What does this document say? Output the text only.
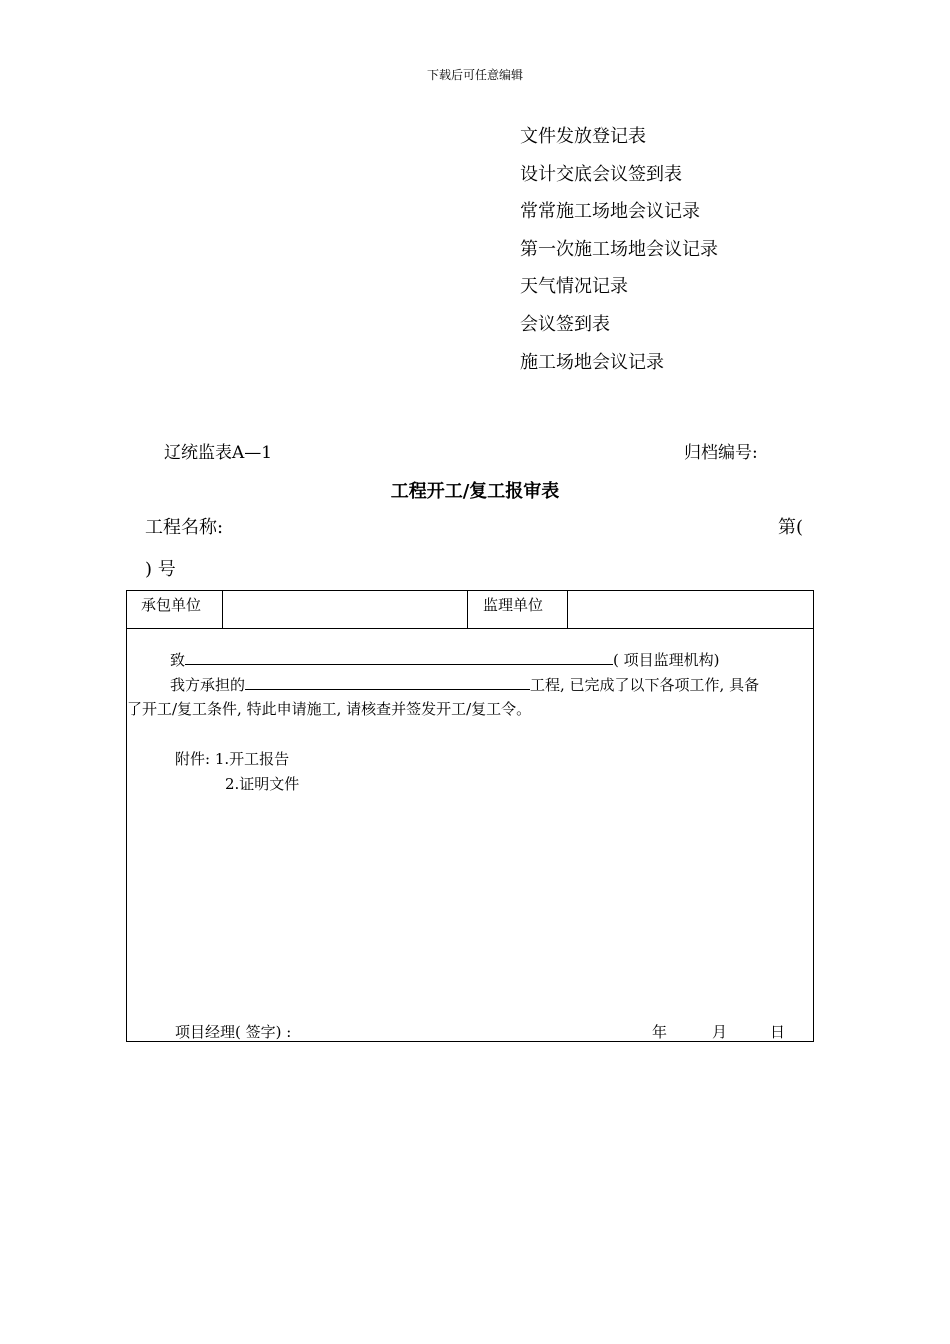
下载后可任意编辑
文件发放登记表
设计交底会议签到表
常常施工场地会议记录
第一次施工场地会议记录
天气情况记录
会议签到表
施工场地会议记录
辽统监表A—1	归档编号:
工程开工/复工报审表
工程名称:	第(
) 号
承包单位	监理单位
致	( 项目监理机构)
我方承担的	工程, 已完成了以下各项工作, 具备
了开工/复工条件, 特此申请施工, 请核查并签发开工/复工令。
附件: 1.开工报告
2.证明文件
项目经理( 签字) :	年	月	日
